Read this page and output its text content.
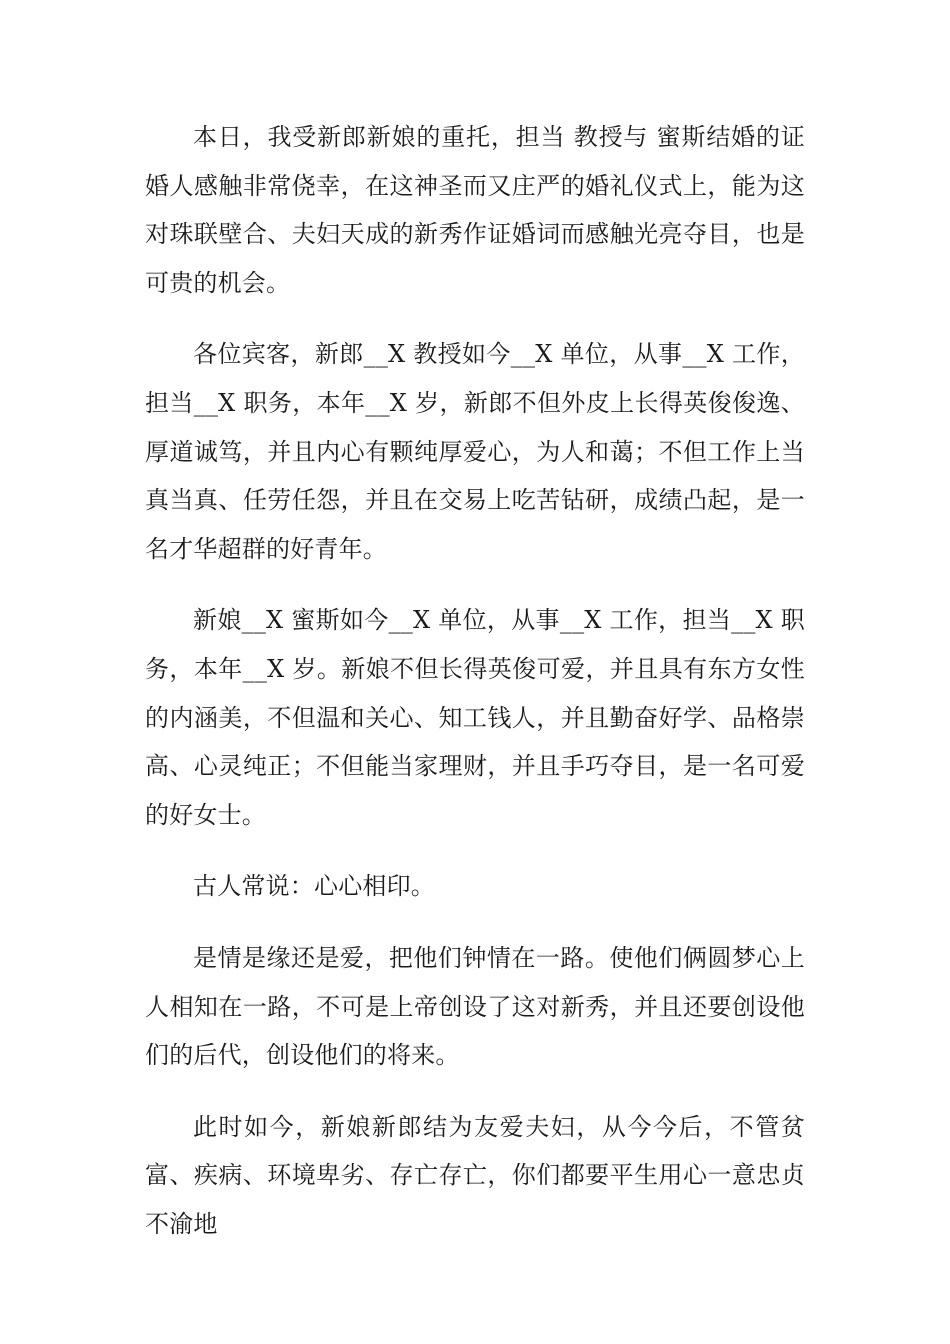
本日，我受新郎新娘的重托，担当 教授与 蜜斯结婚的证婚人感触非常侥幸，在这神圣而又庄严的婚礼仪式上，能为这对珠联壁合、夫妇天成的新秀作证婚词而感触光亮夺目，也是可贵的机会。

各位宾客，新郎__X 教授如今__X 单位，从事__X 工作，担当__X 职务，本年__X 岁，新郎不但外皮上长得英俊俊逸、厚道诚笃，并且内心有颗纯厚爱心，为人和蔼；不但工作上当真当真、任劳任怨，并且在交易上吃苦钻研，成绩凸起，是一名才华超群的好青年。

新娘__X 蜜斯如今__X 单位，从事__X 工作，担当__X 职务，本年__X 岁。新娘不但长得英俊可爱，并且具有东方女性的内涵美，不但温和关心、知工钱人，并且勤奋好学、品格崇高、心灵纯正；不但能当家理财，并且手巧夺目，是一名可爱的好女士。

古人常说：心心相印。

是情是缘还是爱，把他们钟情在一路。使他们俩圆梦心上人相知在一路，不可是上帝创设了这对新秀，并且还要创设他们的后代，创设他们的将来。

此时如今，新娘新郎结为友爱夫妇，从今今后，不管贫富、疾病、环境卑劣、存亡存亡，你们都要平生用心一意忠贞不渝地
